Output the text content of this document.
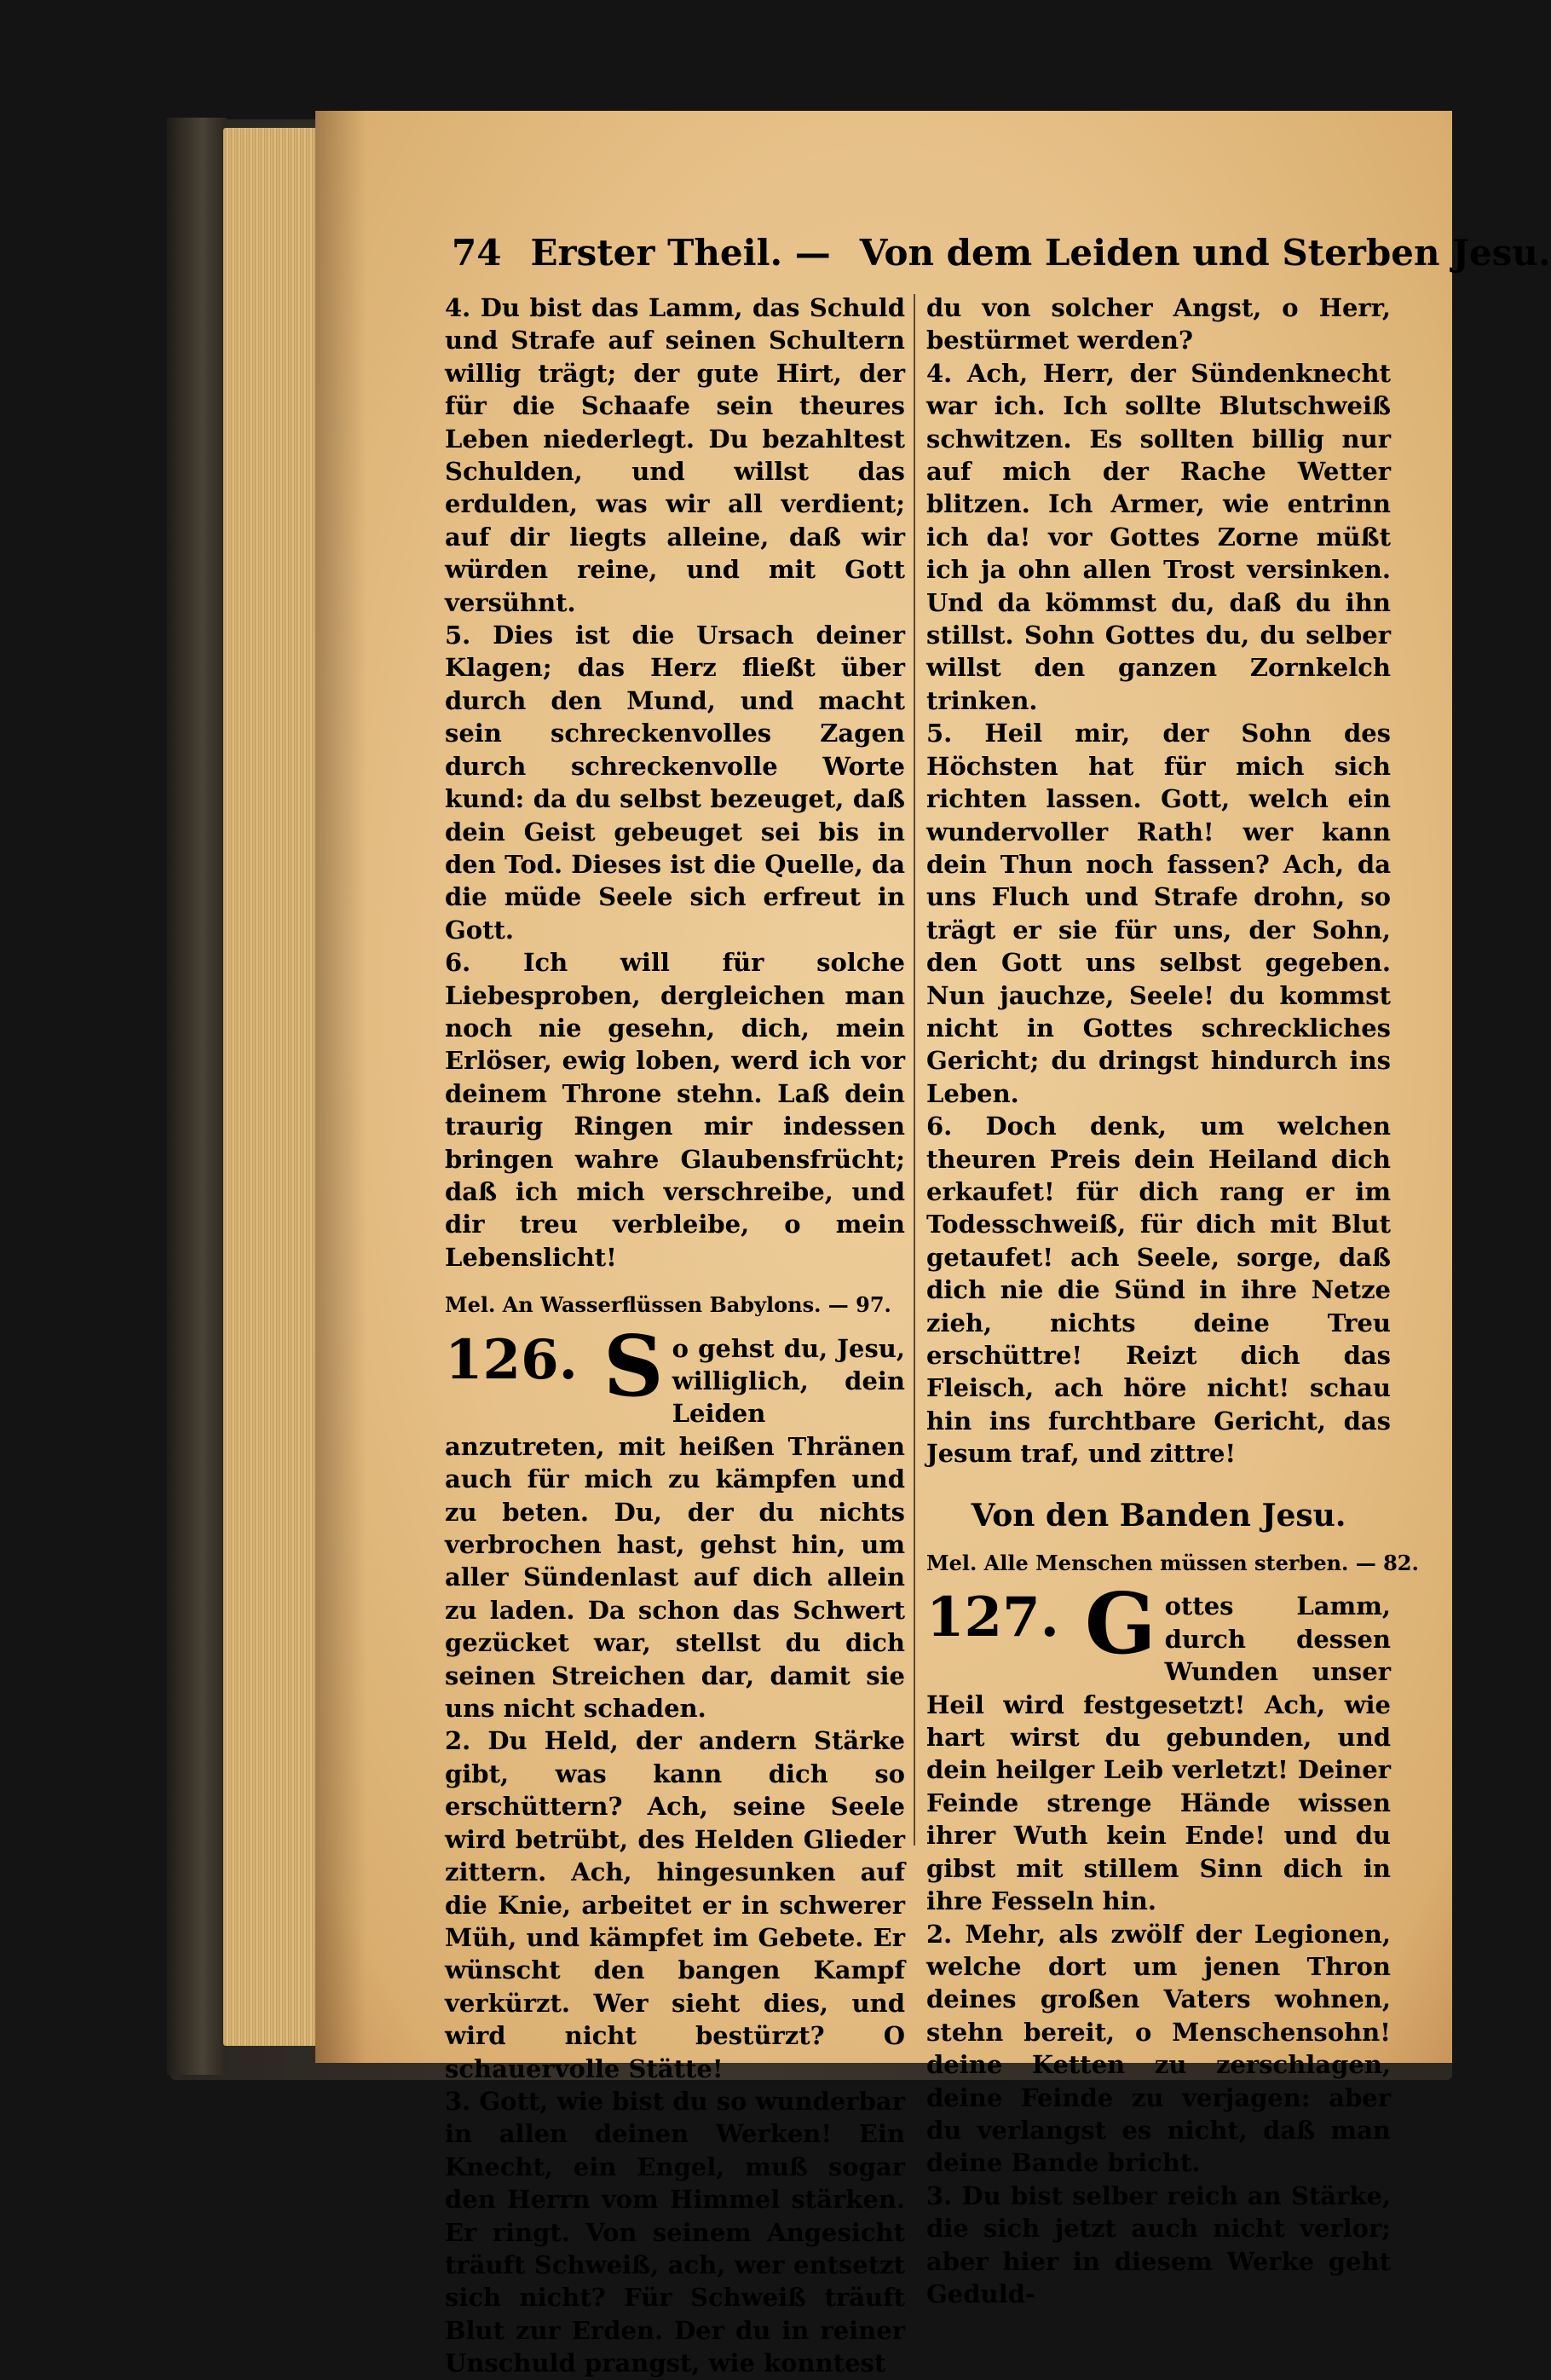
74 Erster Theil. — Von dem Leiden und Sterben Jesu.

4. Du bist das Lamm, das Schuld und Strafe auf seinen Schultern willig trägt; der gute Hirt, der für die Schaafe sein theures Leben niederlegt. Du bezahltest Schulden, und willst das erdulden, was wir all verdient; auf dir liegts alleine, daß wir würden reine, und mit Gott versühnt.

5. Dies ist die Ursach deiner Klagen; das Herz fließt über durch den Mund, und macht sein schreckenvolles Zagen durch schreckenvolle Worte kund: da du selbst bezeuget, daß dein Geist gebeuget sei bis in den Tod. Dieses ist die Quelle, da die müde Seele sich erfreut in Gott.

6. Ich will für solche Liebesproben, dergleichen man noch nie gesehn, dich, mein Erlöser, ewig loben, werd ich vor deinem Throne stehn. Laß dein traurig Ringen mir indessen bringen wahre Glaubensfrücht; daß ich mich verschreibe, und dir treu verbleibe, o mein Lebenslicht!

Mel. An Wasserflüssen Babylons. — 97.

126. S o gehst du, Jesu, williglich, dein Leiden anzutreten, mit heißen Thränen auch für mich zu kämpfen und zu beten. Du, der du nichts verbrochen hast, gehst hin, um aller Sündenlast auf dich allein zu laden. Da schon das Schwert gezücket war, stellst du dich seinen Streichen dar, damit sie uns nicht schaden.

2. Du Held, der andern Stärke gibt, was kann dich so erschüttern? Ach, seine Seele wird betrübt, des Helden Glieder zittern. Ach, hingesunken auf die Knie, arbeitet er in schwerer Müh, und kämpfet im Gebete. Er wünscht den bangen Kampf verkürzt. Wer sieht dies, und wird nicht bestürzt? O schauervolle Stätte!

3. Gott, wie bist du so wunderbar in allen deinen Werken! Ein Knecht, ein Engel, muß sogar den Herrn vom Himmel stärken. Er ringt. Von seinem Angesicht träuft Schweiß, ach, wer entsetzt sich nicht? Für Schweiß träuft Blut zur Erden. Der du in reiner Unschuld prangst, wie konntest

du von solcher Angst, o Herr, bestürmet werden?

4. Ach, Herr, der Sündenknecht war ich. Ich sollte Blutschweiß schwitzen. Es sollten billig nur auf mich der Rache Wetter blitzen. Ich Armer, wie entrinn ich da! vor Gottes Zorne müßt ich ja ohn allen Trost versinken. Und da kömmst du, daß du ihn stillst. Sohn Gottes du, du selber willst den ganzen Zornkelch trinken.

5. Heil mir, der Sohn des Höchsten hat für mich sich richten lassen. Gott, welch ein wundervoller Rath! wer kann dein Thun noch fassen? Ach, da uns Fluch und Strafe drohn, so trägt er sie für uns, der Sohn, den Gott uns selbst gegeben. Nun jauchze, Seele! du kommst nicht in Gottes schreckliches Gericht; du dringst hindurch ins Leben.

6. Doch denk, um welchen theuren Preis dein Heiland dich erkaufet! für dich rang er im Todesschweiß, für dich mit Blut getaufet! ach Seele, sorge, daß dich nie die Sünd in ihre Netze zieh, nichts deine Treu erschüttre! Reizt dich das Fleisch, ach höre nicht! schau hin ins furchtbare Gericht, das Jesum traf, und zittre!

Von den Banden Jesu.

Mel. Alle Menschen müssen sterben. — 82.

127. G ottes Lamm, durch dessen Wunden unser Heil wird festgesetzt! Ach, wie hart wirst du gebunden, und dein heilger Leib verletzt! Deiner Feinde strenge Hände wissen ihrer Wuth kein Ende! und du gibst mit stillem Sinn dich in ihre Fesseln hin.

2. Mehr, als zwölf der Legionen, welche dort um jenen Thron deines großen Vaters wohnen, stehn bereit, o Menschensohn! deine Ketten zu zerschlagen, deine Feinde zu verjagen: aber du verlangst es nicht, daß man deine Bande bricht.

3. Du bist selber reich an Stärke, die sich jetzt auch nicht verlor; aber hier in diesem Werke geht Geduld-
